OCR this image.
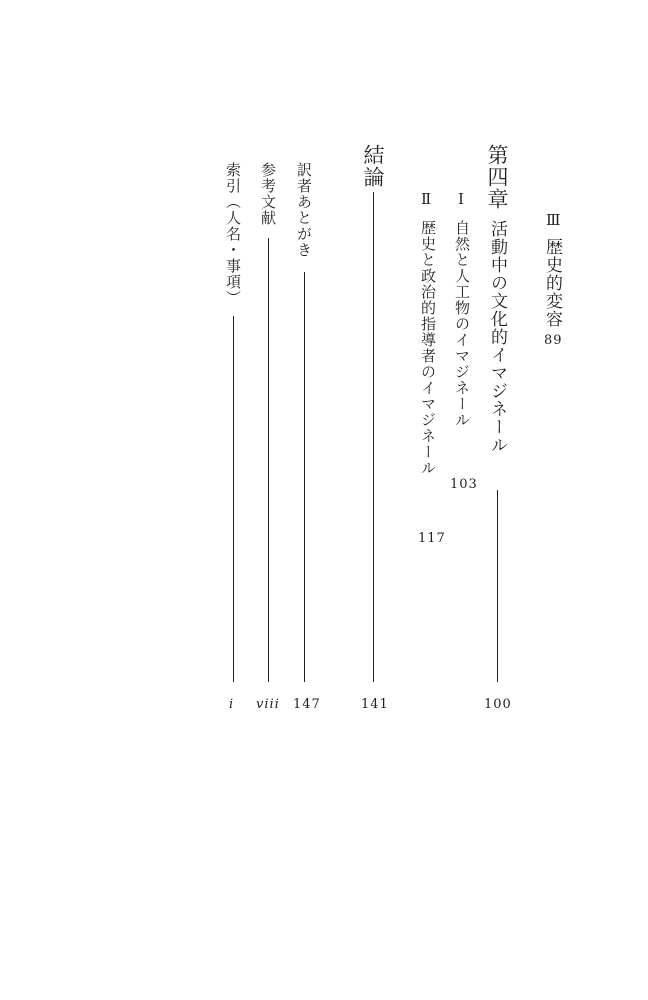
Ⅲ
歴史的変容
89
第四章
活動中の文化的イマジネール
100
Ⅰ
自然と人工物のイマジネール
103
Ⅱ
歴史と政治的指導者のイマジネール
117
結論
141
訳者あとがき
147
参考文献
viii
索引（人名・事項）
i
